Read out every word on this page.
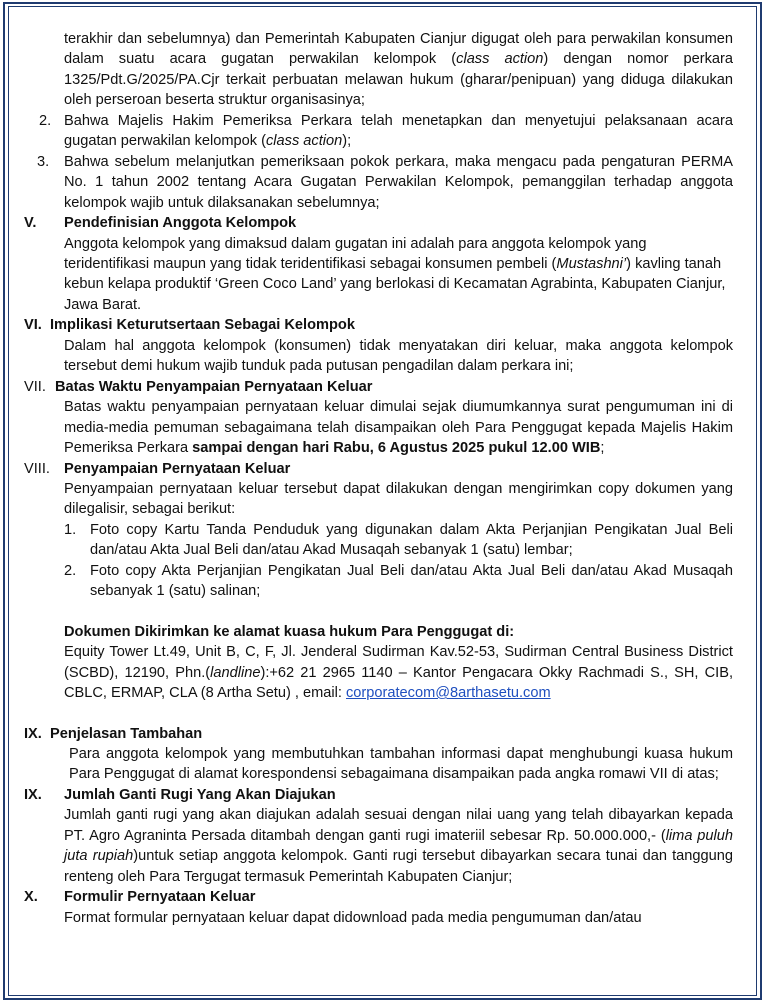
terakhir dan sebelumnya) dan Pemerintah Kabupaten Cianjur digugat oleh para perwakilan konsumen dalam suatu acara gugatan perwakilan kelompok (class action) dengan nomor perkara 1325/Pdt.G/2025/PA.Cjr terkait perbuatan melawan hukum (gharar/penipuan) yang diduga dilakukan oleh perseroan beserta struktur organisasinya;
2. Bahwa Majelis Hakim Pemeriksa Perkara telah menetapkan dan menyetujui pelaksanaan acara gugatan perwakilan kelompok (class action);
3.	Bahwa sebelum melanjutkan pemeriksaan pokok perkara, maka mengacu pada pengaturan PERMA No. 1 tahun 2002 tentang Acara Gugatan Perwakilan Kelompok, pemanggilan terhadap anggota kelompok wajib untuk dilaksanakan sebelumnya;
V.	Pendefinisian Anggota Kelompok
Anggota kelompok yang dimaksud dalam gugatan ini adalah para anggota kelompok yang teridentifikasi maupun yang tidak teridentifikasi sebagai konsumen pembeli (Mustashni’) kavling tanah kebun kelapa produktif ‘Green Coco Land’ yang berlokasi di Kecamatan Agrabinta, Kabupaten Cianjur, Jawa Barat.
VI. Implikasi Keturutsertaan Sebagai Kelompok
Dalam hal anggota kelompok (konsumen) tidak menyatakan diri keluar, maka anggota kelompok tersebut demi hukum wajib tunduk pada putusan pengadilan dalam perkara ini;
VII. Batas Waktu Penyampaian Pernyataan Keluar
Batas waktu penyampaian pernyataan keluar dimulai sejak diumumkannya surat pengumuman ini di media-media pemuman sebagaimana telah disampaikan oleh Para Penggugat kepada Majelis Hakim Pemeriksa Perkara sampai dengan hari Rabu, 6 Agustus 2025 pukul 12.00 WIB;
VIII. Penyampaian Pernyataan Keluar
Penyampaian pernyataan keluar tersebut dapat dilakukan dengan mengirimkan copy dokumen yang dilegalisir, sebagai berikut:
1. Foto copy Kartu Tanda Penduduk yang digunakan dalam Akta Perjanjian Pengikatan Jual Beli dan/atau Akta Jual Beli dan/atau Akad Musaqah sebanyak 1 (satu) lembar;
2. Foto copy Akta Perjanjian Pengikatan Jual Beli dan/atau Akta Jual Beli dan/atau Akad Musaqah sebanyak 1 (satu) salinan;
Dokumen Dikirimkan ke alamat kuasa hukum Para Penggugat di:
Equity Tower Lt.49, Unit B, C, F, Jl. Jenderal Sudirman Kav.52-53, Sudirman Central Business District (SCBD), 12190, Phn.(landline):+62 21 2965 1140 – Kantor Pengacara Okky Rachmadi S., SH, CIB, CBLC, ERMAP, CLA (8 Artha Setu) , email: corporatecom@8arthasetu.com
IX. Penjelasan Tambahan
Para anggota kelompok yang membutuhkan tambahan informasi dapat menghubungi kuasa hukum Para Penggugat di alamat korespondensi sebagaimana disampaikan pada angka romawi VII di atas;
IX.	Jumlah Ganti Rugi Yang Akan Diajukan
Jumlah ganti rugi yang akan diajukan adalah sesuai dengan nilai uang yang telah dibayarkan kepada PT. Agro Agraninta Persada ditambah dengan ganti rugi imateriil sebesar Rp. 50.000.000,- (lima puluh juta rupiah)untuk setiap anggota kelompok. Ganti rugi tersebut dibayarkan secara tunai dan tanggung renteng oleh Para Tergugat termasuk Pemerintah Kabupaten Cianjur;
X.	Formulir Pernyataan Keluar
Format formular pernyataan keluar dapat didownload pada media pengumuman dan/atau
